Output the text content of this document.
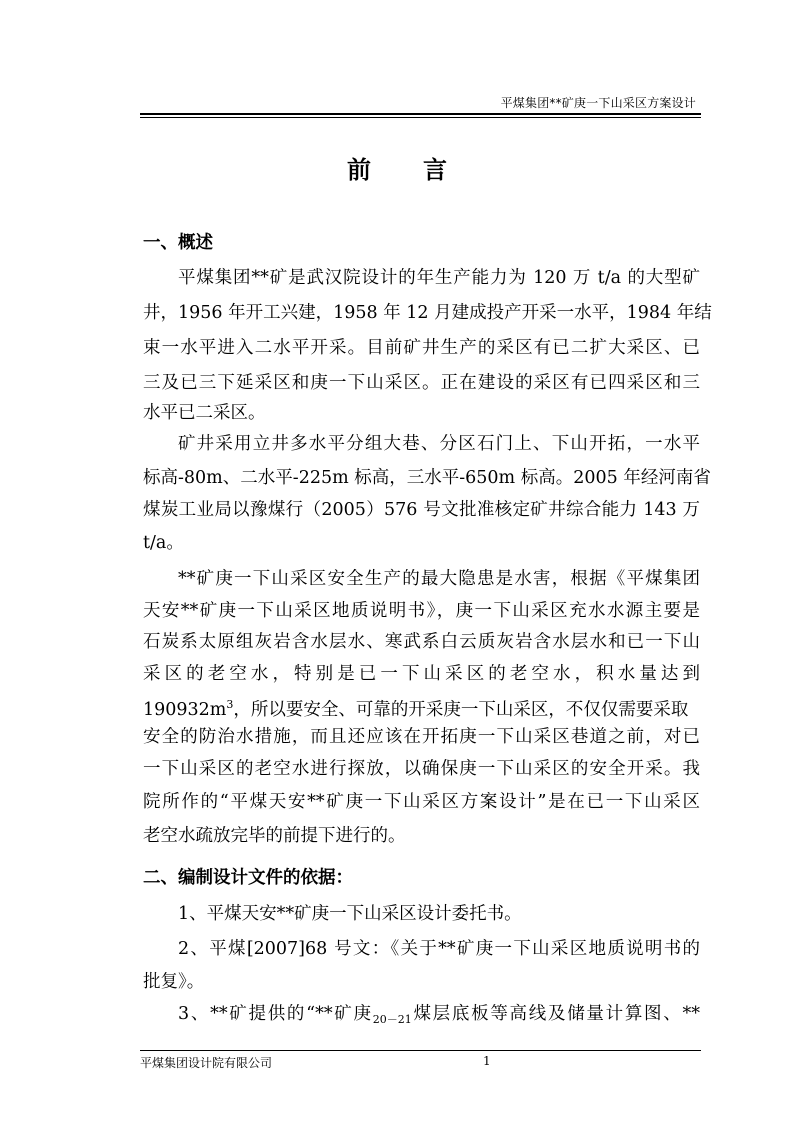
平煤集团**矿庚一下山采区方案设计
前言
一、概述
平煤集团**矿是武汉院设计的年生产能力为 120 万 t/a 的大型矿
井，1956 年开工兴建，1958 年 12 月建成投产开采一水平，1984 年结
束一水平进入二水平开采。目前矿井生产的采区有已二扩大采区、已
三及已三下延采区和庚一下山采区。正在建设的采区有已四采区和三
水平已二采区。
矿井采用立井多水平分组大巷、分区石门上、下山开拓，一水平
标高-80m、二水平-225m 标高，三水平-650m 标高。2005 年经河南省
煤炭工业局以豫煤行（2005）576 号文批准核定矿井综合能力 143 万
t/a。
**矿庚一下山采区安全生产的最大隐患是水害，根据《平煤集团
天安**矿庚一下山采区地质说明书》，庚一下山采区充水水源主要是
石炭系太原组灰岩含水层水、寒武系白云质灰岩含水层水和已一下山
采区的老空水，特别是已一下山采区的老空水，积水量达到
$190932m^3$，所以要安全、可靠的开采庚一下山采区，不仅仅需要采取
安全的防治水措施，而且还应该在开拓庚一下山采区巷道之前，对已
一下山采区的老空水进行探放，以确保庚一下山采区的安全开采。我
院所作的“平煤天安**矿庚一下山采区方案设计”是在已一下山采区
老空水疏放完毕的前提下进行的。
二、编制设计文件的依据：
1、平煤天安**矿庚一下山采区设计委托书。
2、平煤[2007]68 号文：《关于**矿庚一下山采区地质说明书的
批复》。
3、**矿提供的“**矿庚$_{20-21}$煤层底板等高线及储量计算图、**
平煤集团设计院有限公司	1
